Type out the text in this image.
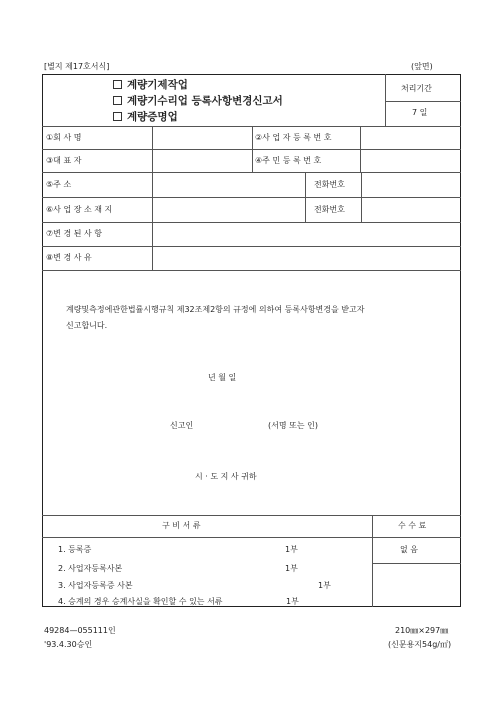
[별지 제17호서식]	(앞면)
계량기제작업
계량기수리업 등록사항변경신고서
계량증명업
처리기간
7 일
①회 사 명	②사 업 자 등 록 번 호
③대 표 자	④주 민 등 록 번 호
⑤주 소	전화번호
⑥사 업 장 소 재 지	전화번호
⑦변 경 된 사 항
⑧변 경 사 유
계량및측정에관한법률시행규칙 제32조제2항의 규정에 의하여 등록사항변경을 받고자
신고합니다.
년 월 일
신고인	(서명 또는 인)
시 · 도 지 사 귀하
구 비 서 류	수 수 료
없 음
1. 등록증	1부
2. 사업자등록사본	1부
3. 사업자등록증 사본	1부
4. 승계의 경우 승계사실을 확인할 수 있는 서류	1부
49284—055111인
'93.4.30승인
210㎜×297㎜
(신문용지54g/㎡)
